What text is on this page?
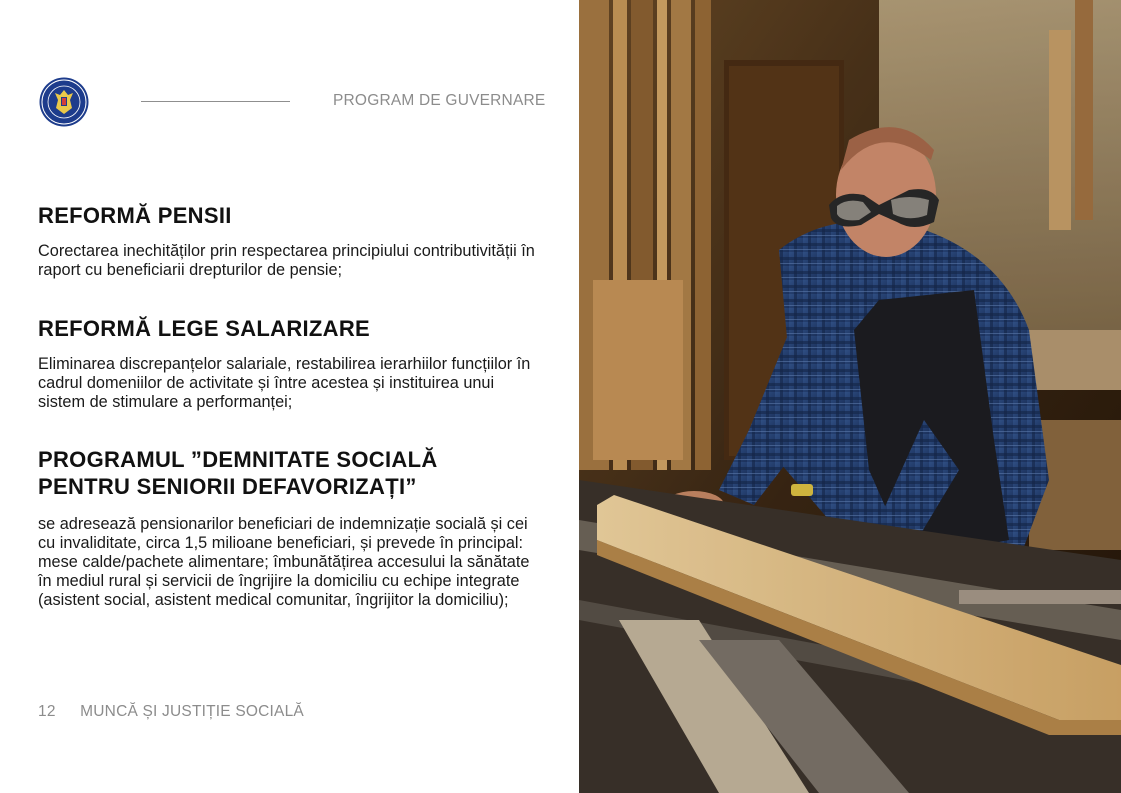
PROGRAM DE GUVERNARE
REFORMĂ PENSII

Corectarea inechităților prin respectarea principiului contributivității în raport cu beneficiarii drepturilor de pensie;

REFORMĂ LEGE SALARIZARE

Eliminarea discrepanțelor salariale, restabilirea ierarhiilor funcțiilor în cadrul domeniilor de activitate și între acestea și instituirea unui sistem de stimulare a performanței;

PROGRAMUL ”DEMNITATE SOCIALĂ
PENTRU SENIORII DEFAVORIZAȚI”

se adresează pensionarilor beneficiari de indemnizație socială și cei cu invaliditate, circa 1,5 milioane beneficiari, și prevede în principal: mese calde/pachete alimentare; îmbunătățirea accesului la sănătate în mediul rural și servicii de îngrijire la domiciliu cu echipe integrate (asistent social, asistent medical comunitar, îngrijitor la domiciliu);

12 MUNCĂ ȘI JUSTIȚIE SOCIALĂ
